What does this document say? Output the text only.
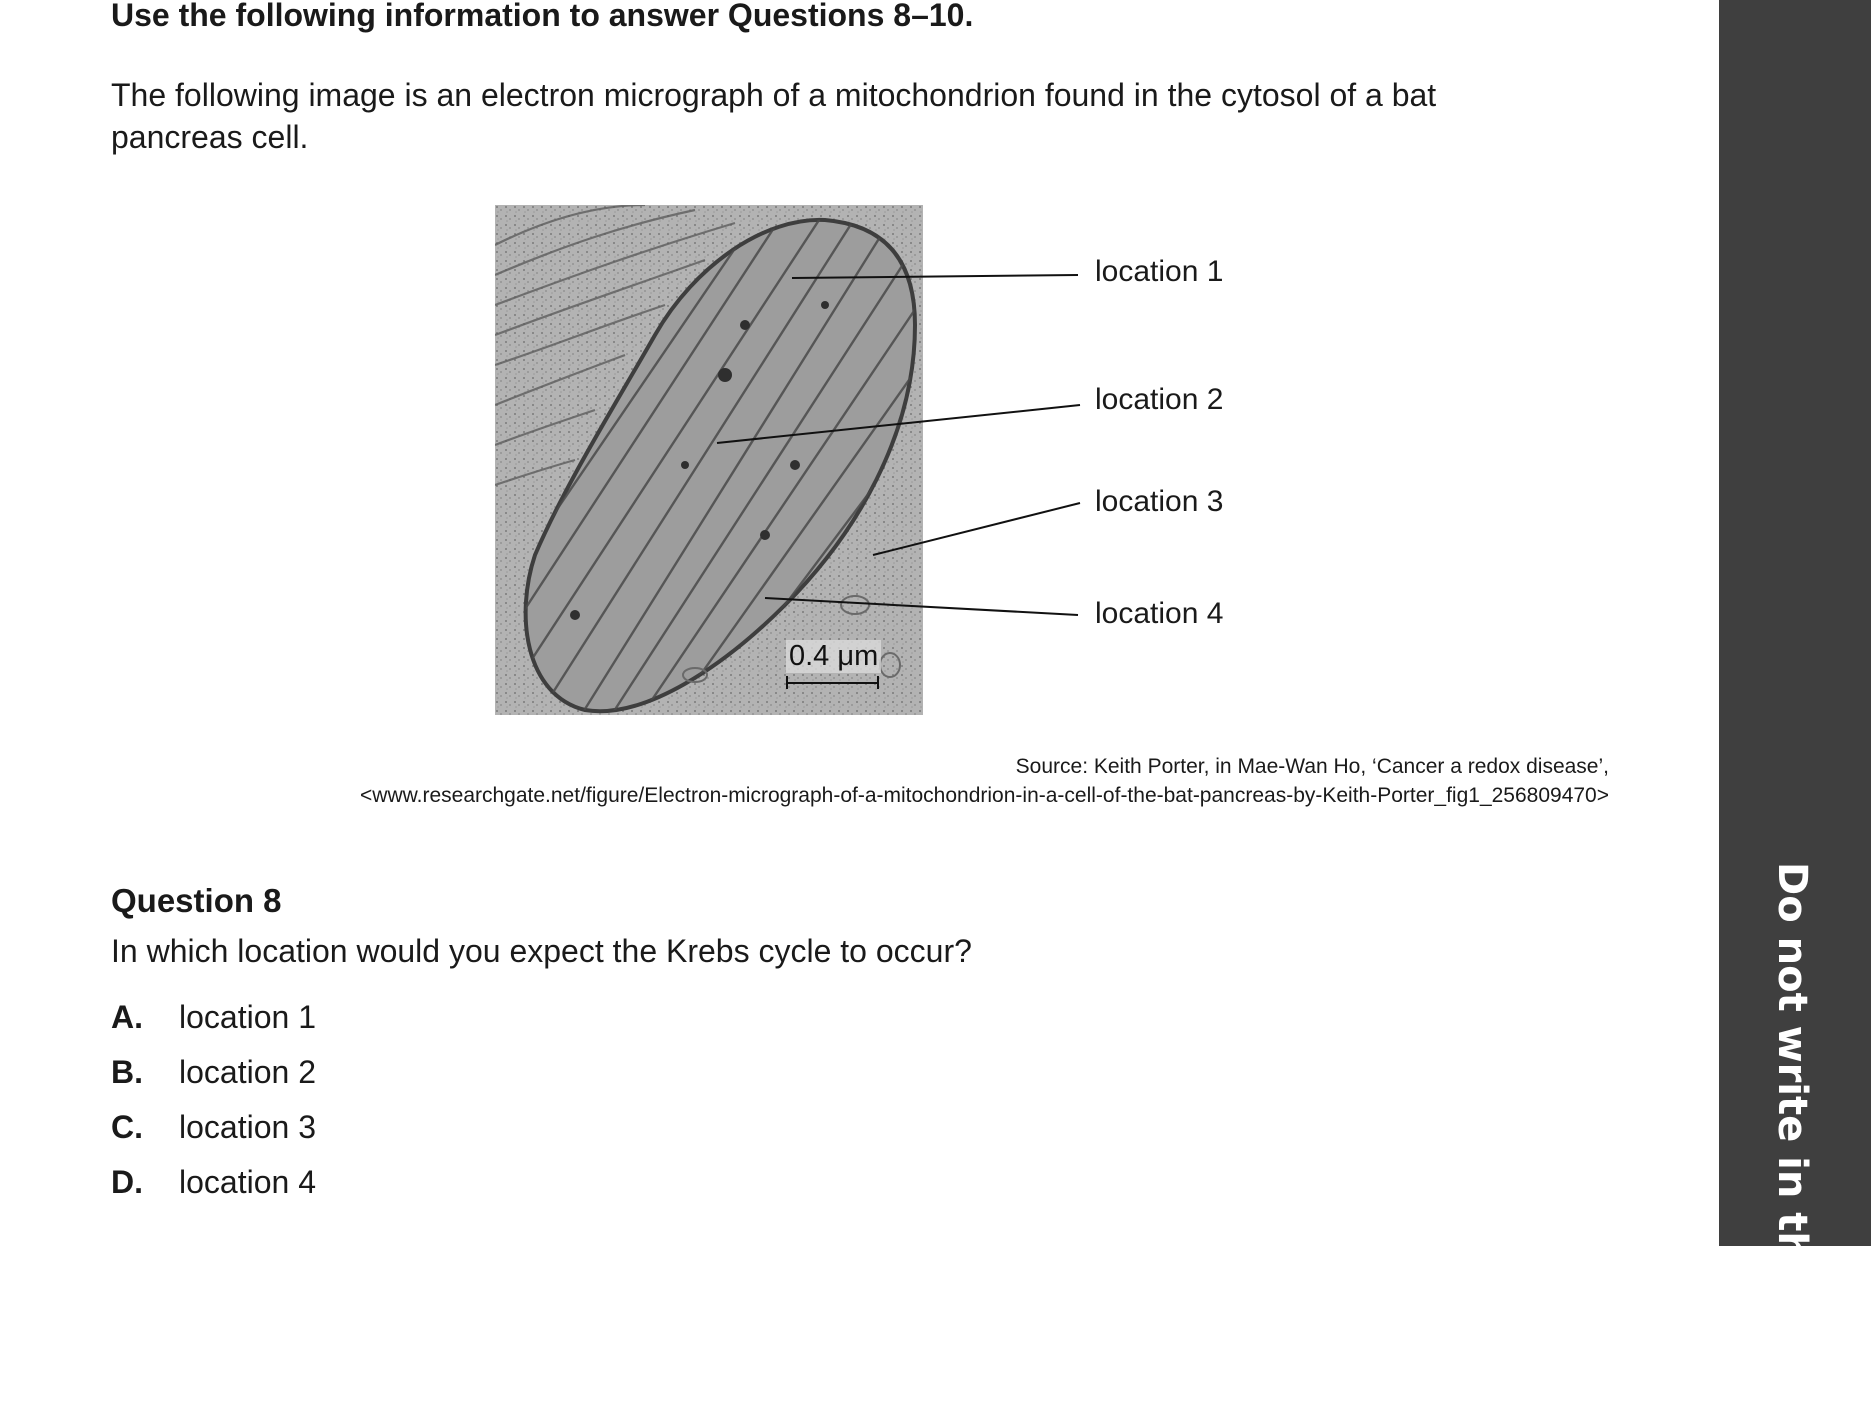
Use the following information to answer Questions 8–10.

The following image is an electron micrograph of a mitochondrion found in the cytosol of a bat pancreas cell.

0.4 μm
location 1
location 2
location 3
location 4
Source: Keith Porter, in Mae-Wan Ho, ‘Cancer a redox disease’,
<www.researchgate.net/figure/Electron-micrograph-of-a-mitochondrion-in-a-cell-of-the-bat-pancreas-by-Keith-Porter_fig1_256809470>

Question 8

In which location would you expect the Krebs cycle to occur?

A.	location 1
B.	location 2
C.	location 3
D.	location 4	Do not write in this area
